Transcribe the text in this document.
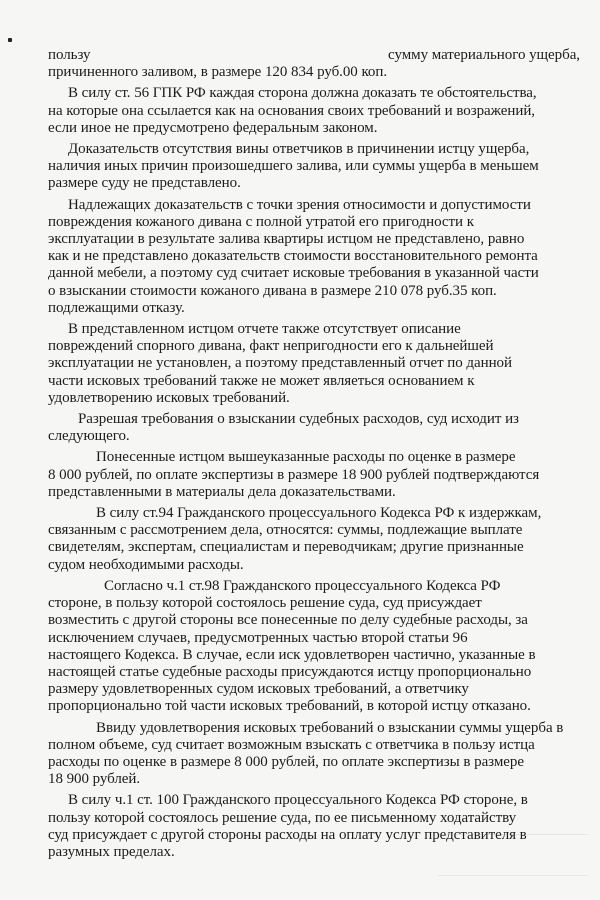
пользу	сумму материального ущерба,

причиненного заливом, в размере 120 834 руб.00 коп.

В силу ст. 56 ГПК РФ каждая сторона должна доказать те обстоятельства,
на которые она ссылается как на основания своих требований и возражений,
если иное не предусмотрено федеральным законом.

Доказательств отсутствия вины ответчиков в причинении истцу ущерба,
наличия иных причин произошедшего залива, или суммы ущерба в меньшем
размере суду не представлено.

Надлежащих доказательств с точки зрения относимости и допустимости
повреждения кожаного дивана с полной утратой его пригодности к
эксплуатации в результате залива квартиры истцом не представлено, равно
как и не представлено доказательств стоимости восстановительного ремонта
данной мебели, а поэтому суд считает исковые требования в указанной части
о взыскании стоимости кожаного дивана в размере 210 078 руб.35 коп.
подлежащими отказу.

В представленном истцом отчете также отсутствует описание
повреждений спорного дивана, факт непригодности его к дальнейшей
эксплуатации не установлен, а поэтому представленный отчет по данной
части исковых требований также не может являеться основанием к
удовлетворению исковых требований.

Разрешая требования о взыскании судебных расходов, суд исходит из
следующего.

Понесенные истцом вышеуказанные расходы по оценке в размере
8 000 рублей, по оплате экспертизы в размере 18 900 рублей подтверждаются
представленными в материалы дела доказательствами.

В силу ст.94 Гражданского процессуального Кодекса РФ к издержкам,
связанным с рассмотрением дела, относятся: суммы, подлежащие выплате
свидетелям, экспертам, специалистам и переводчикам; другие признанные
судом необходимыми расходы.

Согласно ч.1 ст.98 Гражданского процессуального Кодекса РФ
стороне, в пользу которой состоялось решение суда, суд присуждает
возместить с другой стороны все понесенные по делу судебные расходы, за
исключением случаев, предусмотренных частью второй статьи 96
настоящего Кодекса. В случае, если иск удовлетворен частично, указанные в
настоящей статье судебные расходы присуждаются истцу пропорционально
размеру удовлетворенных судом исковых требований, а ответчику
пропорционально той части исковых требований, в которой истцу отказано.

Ввиду удовлетворения исковых требований о взыскании суммы ущерба в
полном объеме, суд считает возможным взыскать с ответчика в пользу истца
расходы по оценке в размере 8 000 рублей, по оплате экспертизы в размере
18 900 рублей.

В силу ч.1 ст. 100 Гражданского процессуального Кодекса РФ стороне, в
пользу которой состоялось решение суда, по ее письменному ходатайству
суд присуждает с другой стороны расходы на оплату услуг представителя в
разумных пределах.
